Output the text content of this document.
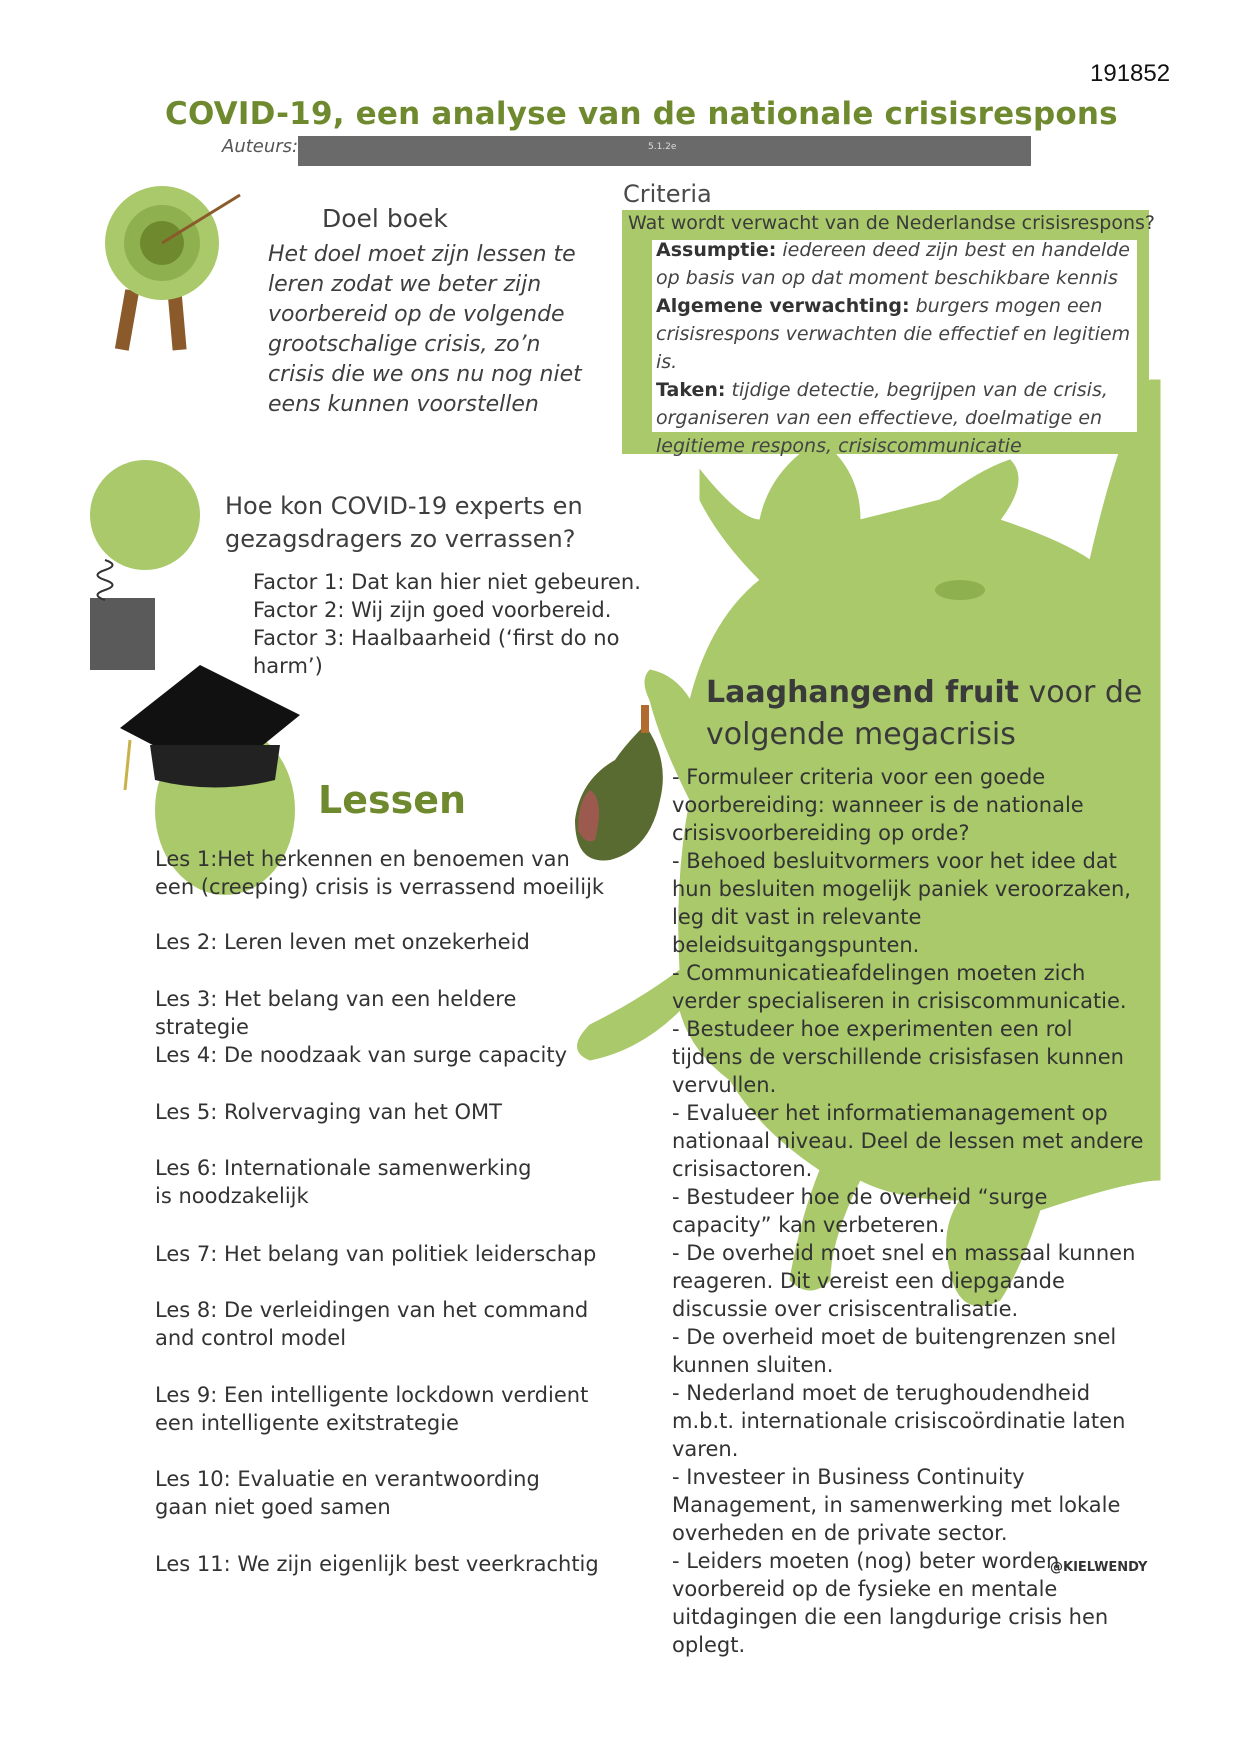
191852
COVID-19, een analyse van de nationale crisisrespons
Auteurs:	5.1.2e
Doel boek
Het doel moet zijn lessen te
leren zodat we beter zijn
voorbereid op de volgende
grootschalige crisis, zo’n
crisis die we ons nu nog niet
eens kunnen voorstellen
Criteria
Wat wordt verwacht van de Nederlandse crisisrespons?
Assumptie: iedereen deed zijn best en handelde
op basis van op dat moment beschikbare kennis
Algemene verwachting: burgers mogen een
crisisrespons verwachten die effectief en legitiem is.
Taken: tijdige detectie, begrijpen van de crisis,
organiseren van een effectieve, doelmatige en
legitieme respons, crisiscommunicatie
Hoe kon COVID-19 experts en
gezagsdragers zo verrassen?
Factor 1: Dat kan hier niet gebeuren.
Factor 2: Wij zijn goed voorbereid.
Factor 3: Haalbaarheid (‘first do no harm’)
Lessen
Les 1:Het herkennen en benoemen van een (creeping) crisis is verrassend moeilijk
Les 2: Leren leven met onzekerheid
Les 3: Het belang van een heldere strategie
Les 4: De noodzaak van surge capacity
Les 5: Rolvervaging van het OMT
Les 6: Internationale samenwerking is noodzakelijk
Les 7: Het belang van politiek leiderschap
Les 8: De verleidingen van het command and control model
Les 9: Een intelligente lockdown verdient een intelligente exitstrategie
Les 10: Evaluatie en verantwoording gaan niet goed samen
Les 11: We zijn eigenlijk best veerkrachtig
Laaghangend fruit voor de
volgende megacrisis
- Formuleer criteria voor een goede voorbereiding: wanneer is de nationale crisisvoorbereiding op orde?
- Behoed besluitvormers voor het idee dat hun besluiten mogelijk paniek veroorzaken, leg dit vast in relevante beleidsuitgangspunten.
- Communicatieafdelingen moeten zich verder specialiseren in crisiscommunicatie.
- Bestudeer hoe experimenten een rol tijdens de verschillende crisisfasen kunnen vervullen.
- Evalueer het informatiemanagement op nationaal niveau. Deel de lessen met andere crisisactoren.
- Bestudeer hoe de overheid “surge capacity” kan verbeteren.
- De overheid moet snel en massaal kunnen reageren. Dit vereist een diepgaande discussie over crisiscentralisatie.
- De overheid moet de buitengrenzen snel kunnen sluiten.
- Nederland moet de terughoudendheid m.b.t. internationale crisiscoördinatie laten varen.
- Investeer in Business Continuity Management, in samenwerking met lokale overheden en de private sector.
- Leiders moeten (nog) beter worden voorbereid op de fysieke en mentale uitdagingen die een langdurige crisis hen oplegt.
@KIELWENDY
